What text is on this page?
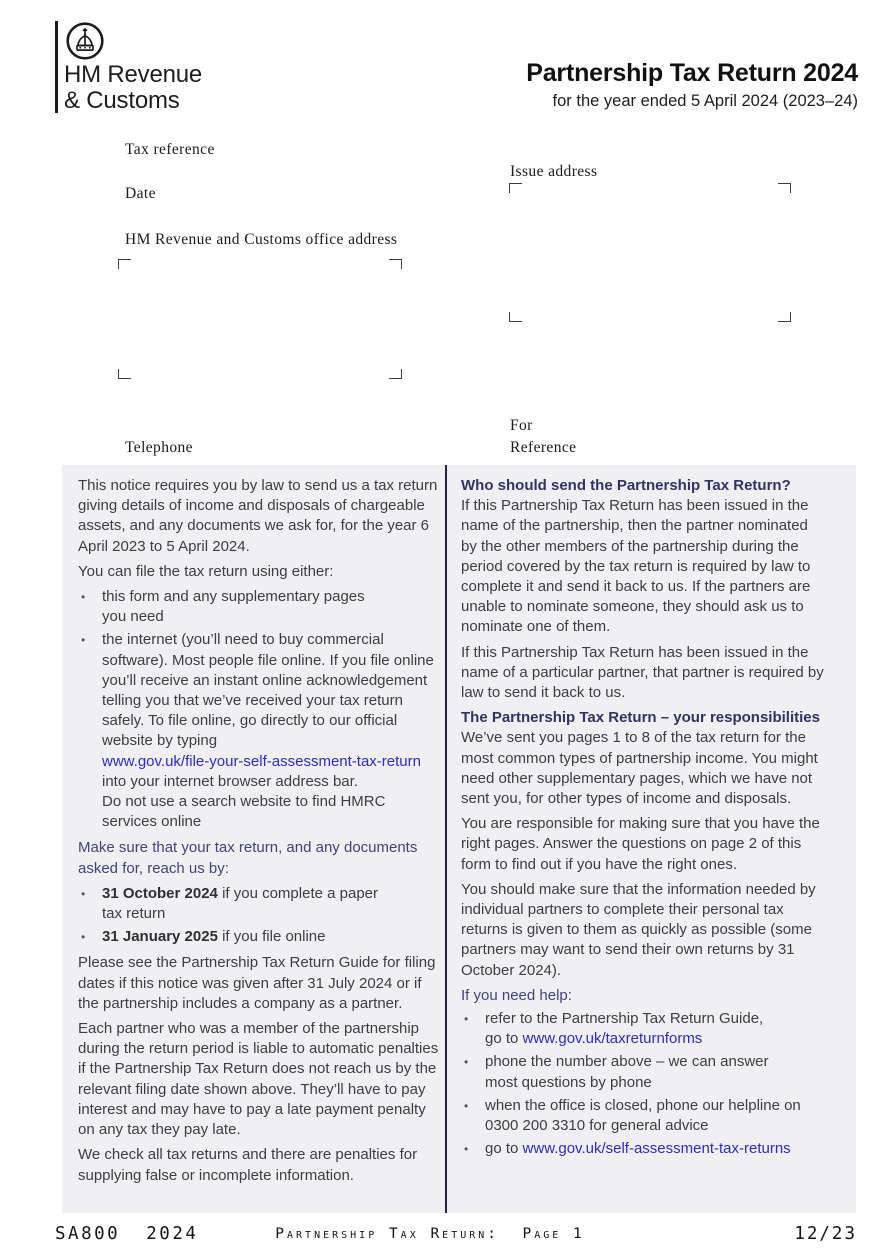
HM Revenue
& Customs
Partnership Tax Return 2024
for the year ended 5 April 2024 (2023–24)
Tax reference
Date
HM Revenue and Customs office address
Telephone
Issue address
For
Reference

This notice requires you by law to send us a tax return giving details of income and disposals of chargeable assets, and any documents we ask for, for the year 6 April 2023 to 5 April 2024.

You can file the tax return using either:

•	this form and any supplementary pages
you need
•	the internet (you’ll need to buy commercial software). Most people file online. If you file online you’ll receive an instant online acknowledgement telling you that we’ve received your tax return safely. To file online, go directly to our official website by typing www.gov.uk/file-your-self-assessment-tax-return into your internet browser address bar.
Do not use a search website to find HMRC services online

Make sure that your tax return, and any documents asked for, reach us by:

•	31 October 2024 if you complete a paper
tax return
•	31 January 2025 if you file online

Please see the Partnership Tax Return Guide for filing dates if this notice was given after 31 July 2024 or if the partnership includes a company as a partner.

Each partner who was a member of the partnership during the return period is liable to automatic penalties if the Partnership Tax Return does not reach us by the relevant filing date shown above. They’ll have to pay interest and may have to pay a late payment penalty on any tax they pay late.

We check all tax returns and there are penalties for supplying false or incomplete information.

Who should send the Partnership Tax Return?

If this Partnership Tax Return has been issued in the name of the partnership, then the partner nominated by the other members of the partnership during the period covered by the tax return is required by law to complete it and send it back to us. If the partners are unable to nominate someone, they should ask us to nominate one of them.

If this Partnership Tax Return has been issued in the name of a particular partner, that partner is required by law to send it back to us.

The Partnership Tax Return – your responsibilities

We’ve sent you pages 1 to 8 of the tax return for the most common types of partnership income. You might need other supplementary pages, which we have not sent you, for other types of income and disposals.

You are responsible for making sure that you have the right pages. Answer the questions on page 2 of this form to find out if you have the right ones.

You should make sure that the information needed by individual partners to complete their personal tax returns is given to them as quickly as possible (some partners may want to send their own returns by 31 October 2024).

If you need help:

•	refer to the Partnership Tax Return Guide,
go to www.gov.uk/taxreturnforms
•	phone the number above – we can answer
most questions by phone
•	when the office is closed, phone our helpline on 0300 200 3310 for general advice
•	go to www.gov.uk/self-assessment-tax-returns
SA800  2024	Partnership Tax Return:  Page 1	12/23
